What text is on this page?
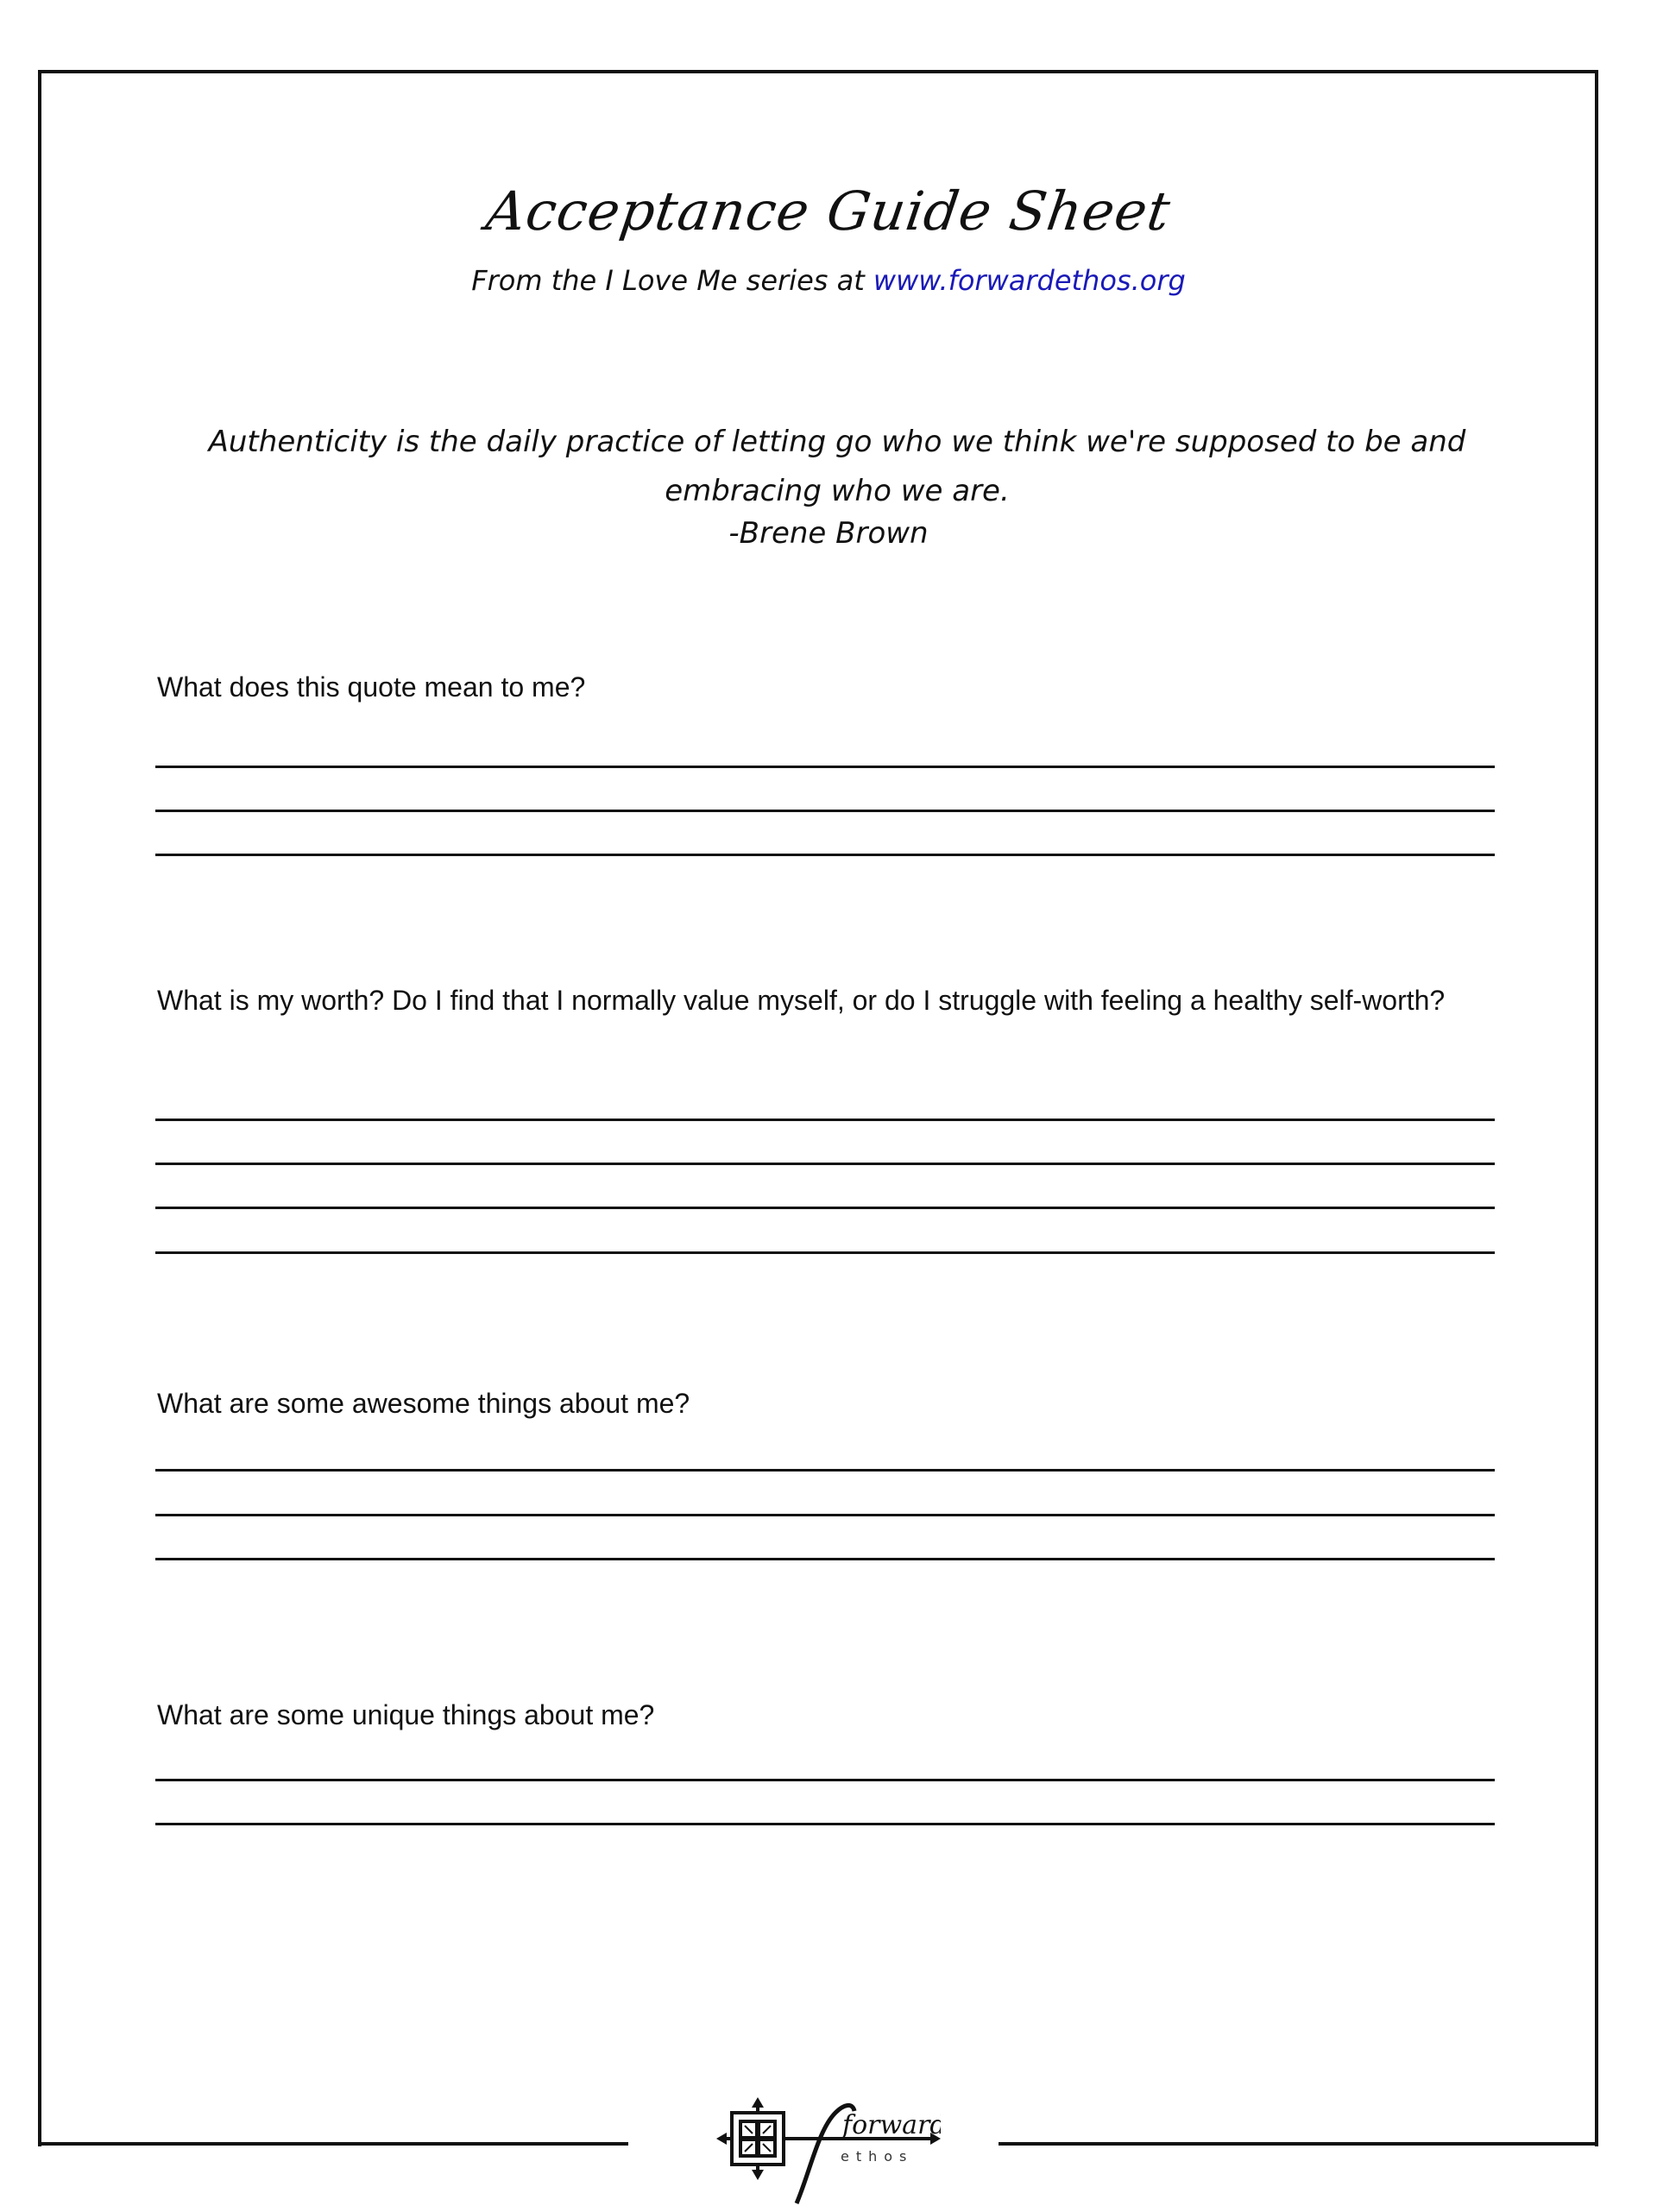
Acceptance Guide Sheet
From the I Love Me series at www.forwardethos.org
Authenticity is the daily practice of letting go who we think we're supposed to be and embracing who we are.
-Brene Brown
What does this quote mean to me?
What is my worth? Do I find that I normally value myself, or do I struggle with feeling a healthy self-worth?
What are some awesome things about me?
What are some unique things about me?
forward
ethos
